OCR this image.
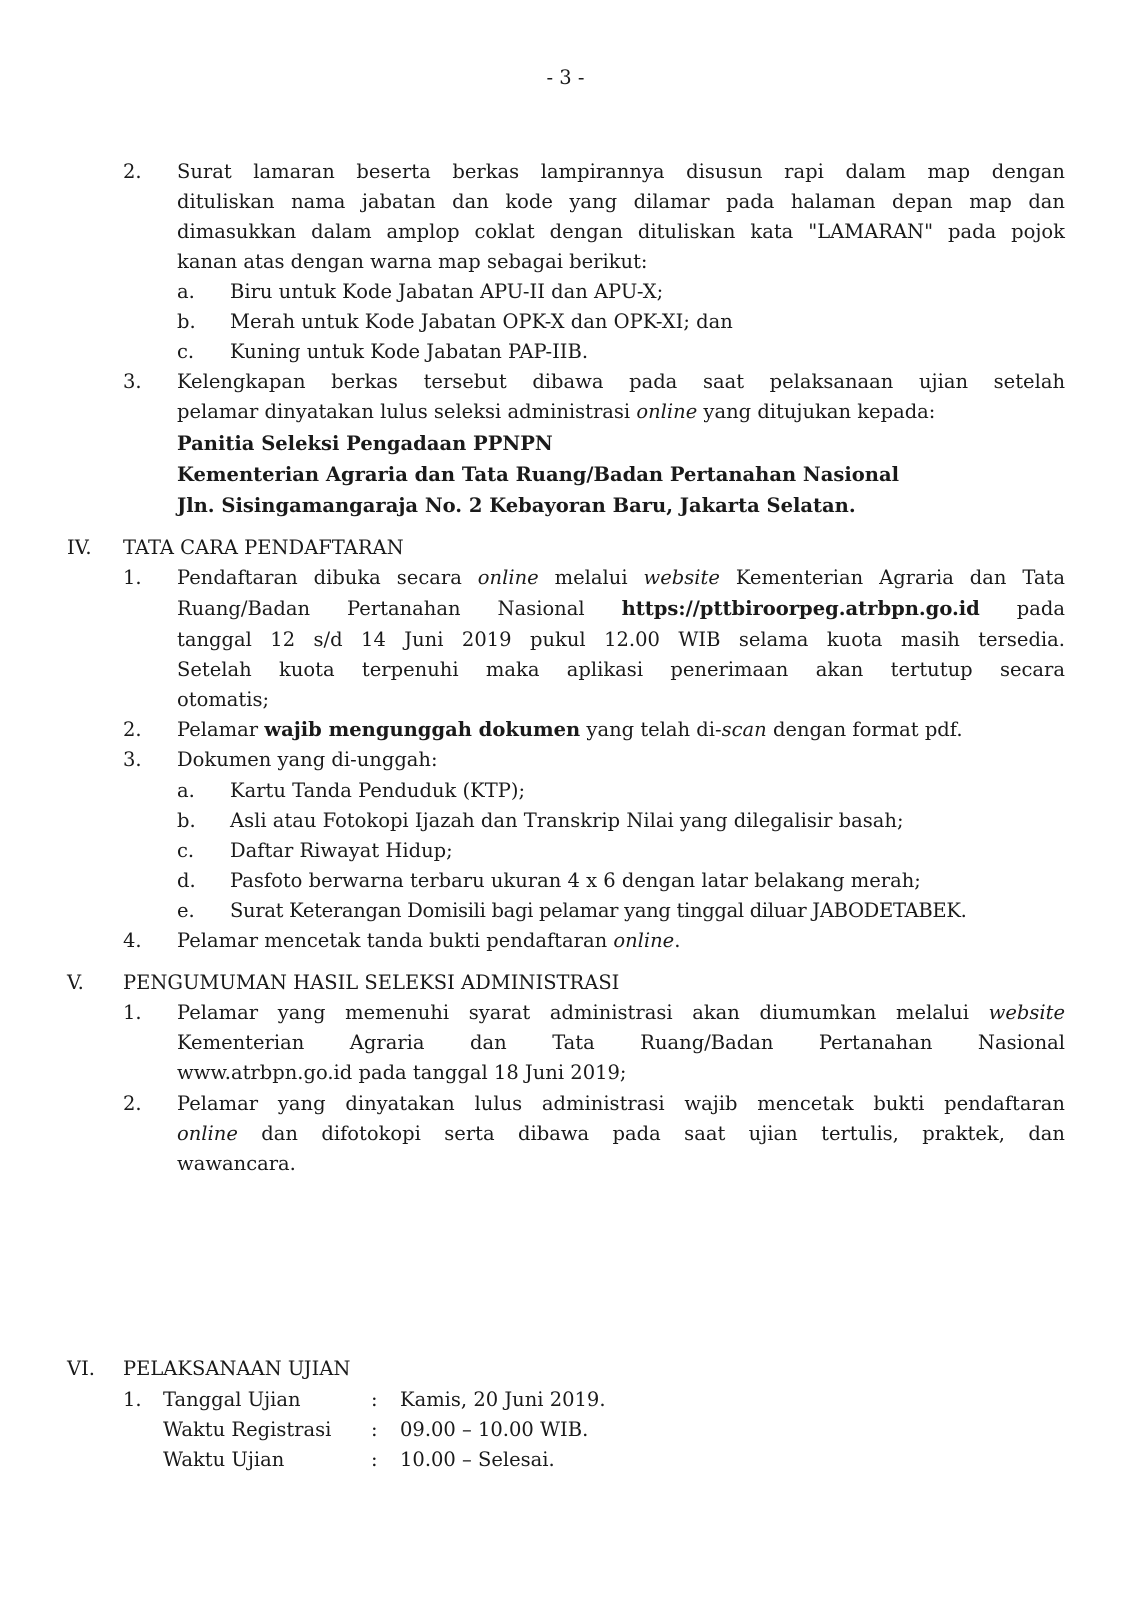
- 3 -
2. Surat lamaran beserta berkas lampirannya disusun rapi dalam map dengan
dituliskan nama jabatan dan kode yang dilamar pada halaman depan map dan
dimasukkan dalam amplop coklat dengan dituliskan kata "LAMARAN" pada pojok
kanan atas dengan warna map sebagai berikut:
a. Biru untuk Kode Jabatan APU-II dan APU-X;
b. Merah untuk Kode Jabatan OPK-X dan OPK-XI; dan
c. Kuning untuk Kode Jabatan PAP-IIB.
3. Kelengkapan berkas tersebut dibawa pada saat pelaksanaan ujian setelah
pelamar dinyatakan lulus seleksi administrasi online yang ditujukan kepada:
Panitia Seleksi Pengadaan PPNPN
Kementerian Agraria dan Tata Ruang/Badan Pertanahan Nasional
Jln. Sisingamangaraja No. 2 Kebayoran Baru, Jakarta Selatan.
IV. TATA CARA PENDAFTARAN
1. Pendaftaran dibuka secara online melalui website Kementerian Agraria dan Tata
Ruang/Badan Pertanahan Nasional https://pttbiroorpeg.atrbpn.go.id pada
tanggal 12 s/d 14 Juni 2019 pukul 12.00 WIB selama kuota masih tersedia.
Setelah kuota terpenuhi maka aplikasi penerimaan akan tertutup secara
otomatis;
2. Pelamar wajib mengunggah dokumen yang telah di-scan dengan format pdf.
3. Dokumen yang di-unggah:
a. Kartu Tanda Penduduk (KTP);
b. Asli atau Fotokopi Ijazah dan Transkrip Nilai yang dilegalisir basah;
c. Daftar Riwayat Hidup;
d. Pasfoto berwarna terbaru ukuran 4 x 6 dengan latar belakang merah;
e. Surat Keterangan Domisili bagi pelamar yang tinggal diluar JABODETABEK.
4. Pelamar mencetak tanda bukti pendaftaran online.
V. PENGUMUMAN HASIL SELEKSI ADMINISTRASI
1. Pelamar yang memenuhi syarat administrasi akan diumumkan melalui website
Kementerian Agraria dan Tata Ruang/Badan Pertanahan Nasional
www.atrbpn.go.id pada tanggal 18 Juni 2019;
2. Pelamar yang dinyatakan lulus administrasi wajib mencetak bukti pendaftaran
online dan difotokopi serta dibawa pada saat ujian tertulis, praktek, dan
wawancara.
VI. PELAKSANAAN UJIAN
1. Tanggal Ujian	: Kamis, 20 Juni 2019.
Waktu Registrasi : 09.00 – 10.00 WIB.
Waktu Ujian	: 10.00 – Selesai.
